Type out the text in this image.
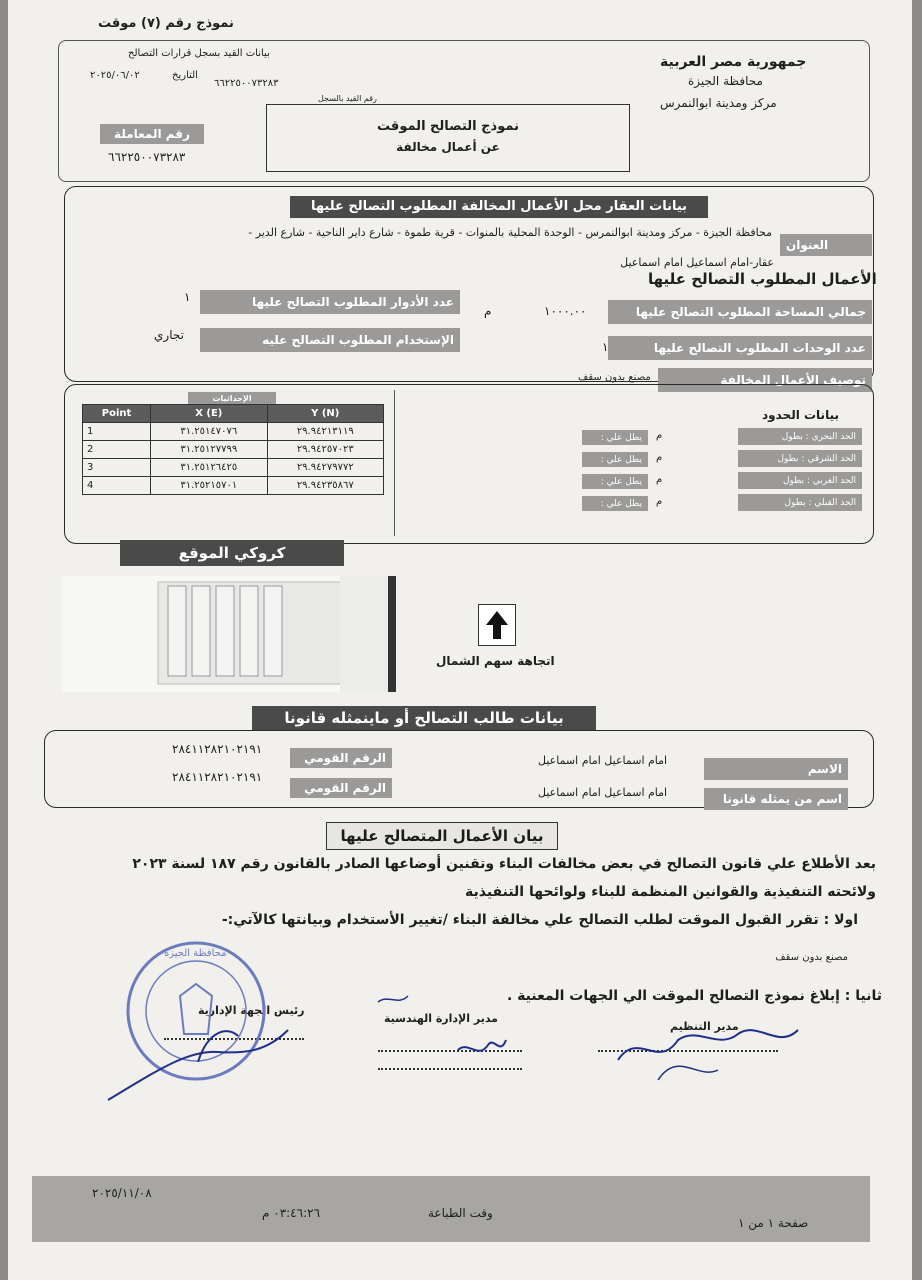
نموذج رقم (٧) موقت
بيانات القيد بسجل قرارات التصالح
٢٠٢٥/٠٦/٠٢	التاريخ
٦٦٢٢٥٠٠٧٣٢٨٣
رقم القيد بالسجل
جمهورية مصر العربية
محافظة الجيزة
مركز ومدينة ابوالنمرس
نموذج التصالح الموقت
عن أعمال مخالفة
رقم المعاملة
٦٦٢٢٥٠٠٧٣٢٨٣
بيانات العقار محل الأعمال المخالفة المطلوب التصالح عليها
العنوان
محافظة الجيزة - مركز ومدينة ابوالنمرس - الوحدة المحلية بالمنوات - قرية طموة - شارع داير الناحية - شارع الدير -
عقار-امام اسماعيل امام اسماعيل
الأعمال المطلوب التصالح عليها
جمالي المساحة المطلوب التصالح عليها
م	١٠٠٠.٠٠
عدد الأدوار المطلوب التصالح عليها
١
عدد الوحدات المطلوب التصالح عليها
١
الإستخدام المطلوب التصالح عليه
تجاري
توصيف الأعمال المخالفة
مصنع بدون سقف
بيانات الحدود
الحد البحري : بطول
م
يطل علي :
الحد الشرقي : بطول
م
يطل علي :
الحد الغربي : بطول
م
يطل علي :
الحد القبلي : بطول
م
يطل علي :
الإحداثيات
Point	X (E)	Y (N)
1	٣١.٢٥١٤٧٠٧٦	٢٩.٩٤٢١٣١١٩
2	٣١.٢٥١٢٧٧٩٩	٢٩.٩٤٢٥٧٠٢٣
3	٣١.٢٥١٢٦٤٢٥	٢٩.٩٤٢٧٩٧٧٢
4	٣١.٢٥٢١٥٧٠١	٢٩.٩٤٢٣٥٨٦٧
كروكي الموقع
اتجاهة سهم الشمال
بيانات طالب التصالح أو ماينمثله قانونا
الاسم
امام اسماعيل امام اسماعيل
الرقم القومي
٢٨٤١١٢٨٢١٠٢١٩١
اسم من يمثله قانونا
امام اسماعيل امام اسماعيل
الرقم القومي
٢٨٤١١٢٨٢١٠٢١٩١
بيان الأعمال المتصالح عليها
بعد الأطلاع علي قانون التصالح في بعض مخالفات البناء وتقنين أوضاعها الصادر بالقانون رقم ١٨٧ لسنة ٢٠٢٣
ولائحته التنفيذية والقوانين المنظمة للبناء ولوائحها التنفيذية
اولا : تقرر القبول الموقت لطلب التصالح علي مخالفة البناء /تغيير الأستخدام وبيانتها كالآتي:-
مصنع بدون سقف
ثانيا : إبلاغ نموذج التصالح الموقت الي الجهات المعنية .
مدير التنظيم
مدير الإدارة الهندسية
رئيس الجهة الإدارية
محافظة الجيزة
٢٠٢٥/١١/٠٨
٠٣:٤٦:٢٦ م	وقت الطباعة
صفحة ١ من ١
